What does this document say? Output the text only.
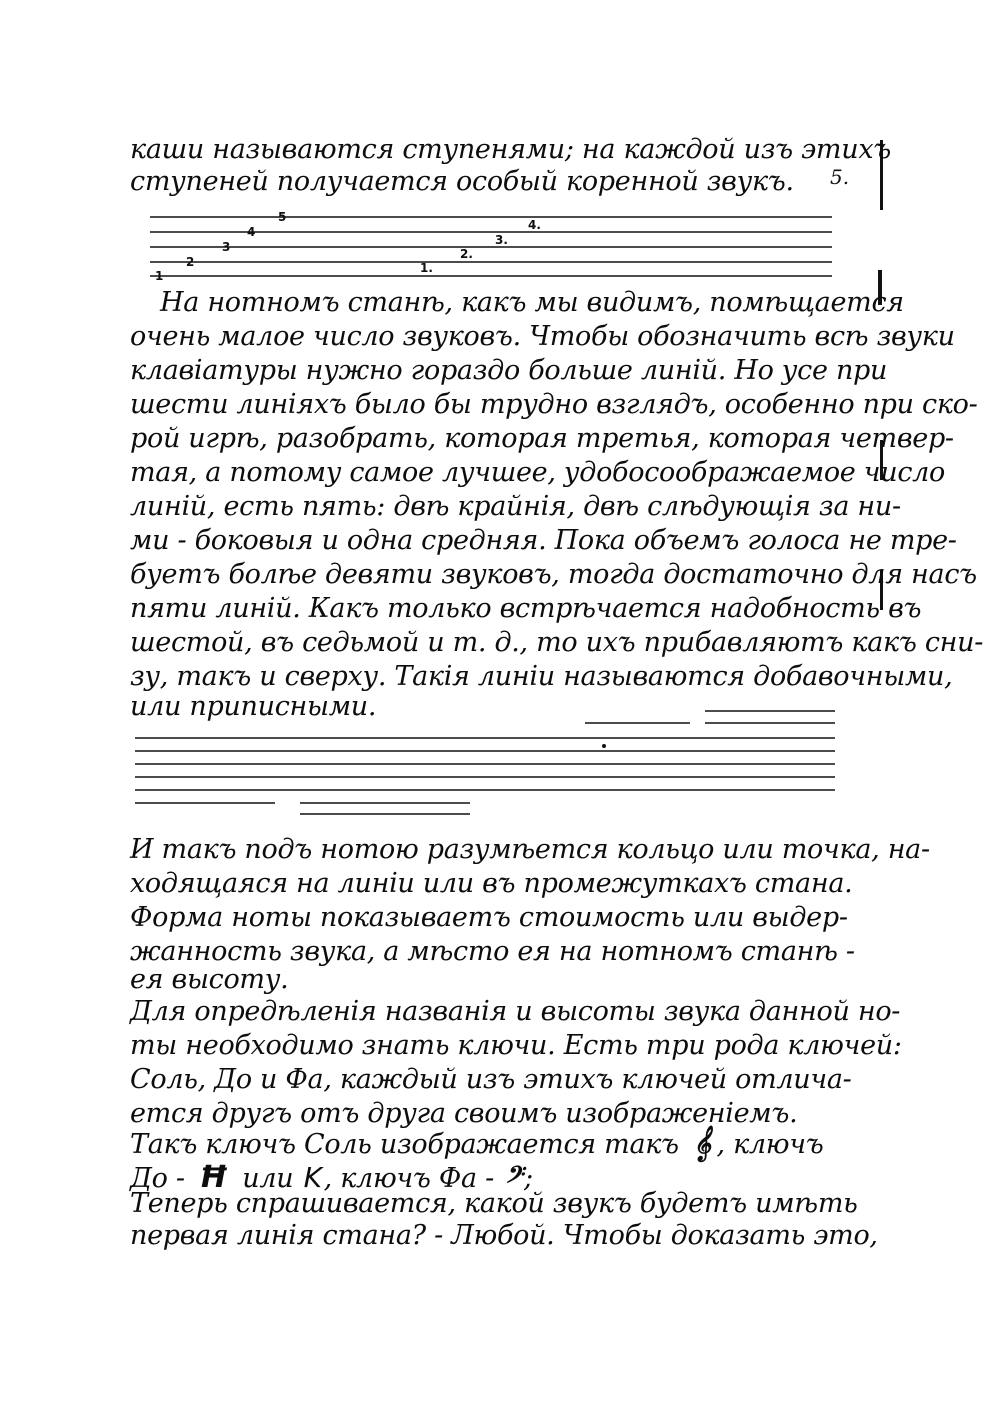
5.
каши называются ступенями; на каждой изъ этихъ
ступеней получается особый коренной звукъ.
1
2
3
4
5
3.
4.
2.
1.
На нотномъ станѣ, какъ мы видимъ, помѣщается
очень малое число звуковъ. Чтобы обозначить всѣ звуки
клавіатуры нужно гораздо больше линій. Но усе при
шести линіяхъ было бы трудно взглядъ, особенно при ско-
рой игрѣ, разобрать, которая третья, которая четвер-
тая, а потому самое лучшее, удобосоображаемое число
линій, есть пять: двѣ крайнія, двѣ слѣдующія за ни-
ми - боковыя и одна средняя. Пока объемъ голоса не тре-
буетъ болѣе девяти звуковъ, тогда достаточно для насъ
пяти линій. Какъ только встрѣчается надобность въ
шестой, въ седьмой и т. д., то ихъ прибавляютъ какъ сни-
зу, такъ и сверху. Такія линіи называются добавочными,
или приписными.
И такъ подъ нотою разумѣется кольцо или точка, на-
ходящаяся на линіи или въ промежуткахъ стана.
Форма ноты показываетъ стоимость или выдер-
жанность звука, а мѣсто ея на нотномъ станѣ -
ея высоту.
Для опредѣленія названія и высоты звука данной но-
ты необходимо знать ключи. Есть три рода ключей:
Соль, До и Фа, каждый изъ этихъ ключей отлича-
ется другъ отъ друга своимъ изображеніемъ.
Такъ ключъ Соль изображается такъ 𝄞 , ключъ
До - Ħ или K, ключъ Фа - 𝄢;
Теперь спрашивается, какой звукъ будетъ имѣть
первая линія стана? - Любой. Чтобы доказать это,
